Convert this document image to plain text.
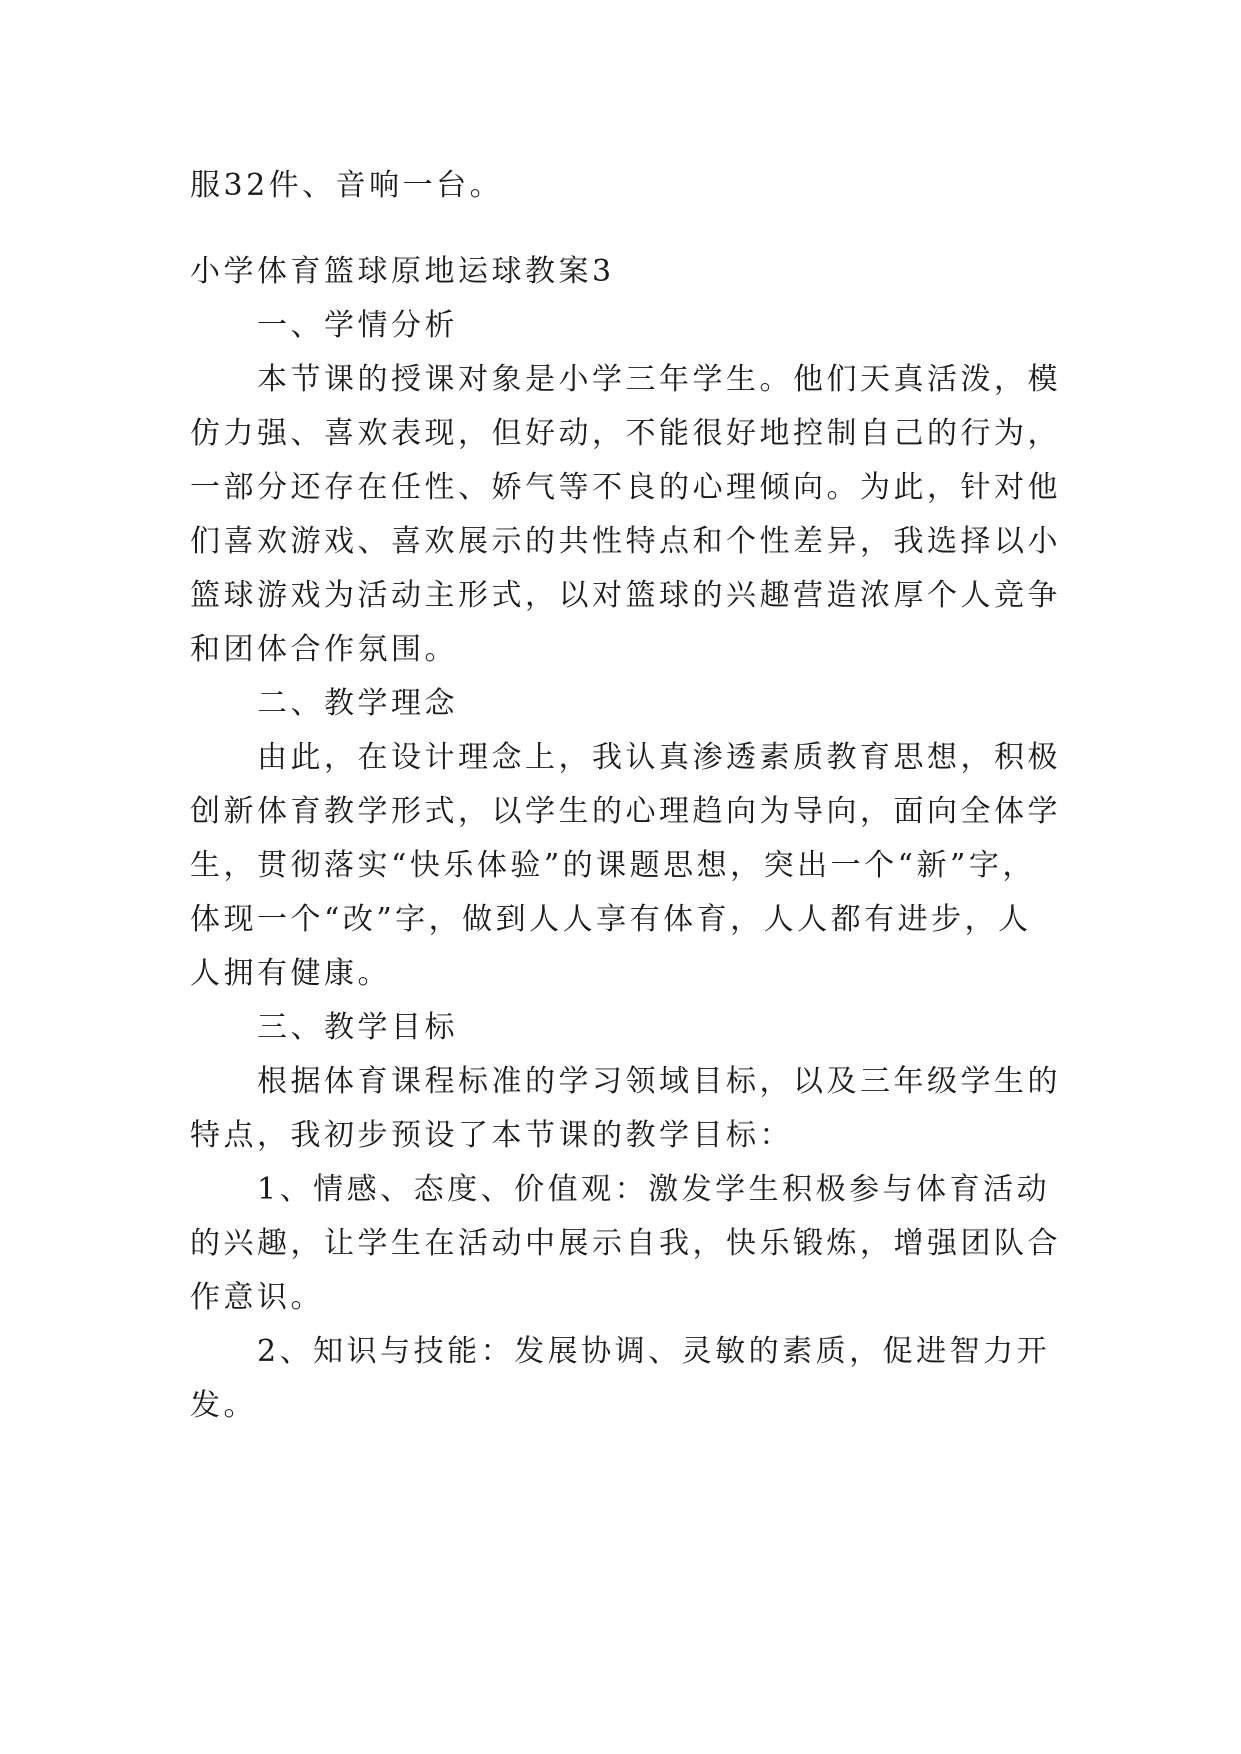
服32件、音响一台。
小学体育篮球原地运球教案3
一、学情分析
本节课的授课对象是小学三年学生。他们天真活泼，模
仿力强、喜欢表现，但好动，不能很好地控制自己的行为，
一部分还存在任性、娇气等不良的心理倾向。为此，针对他
们喜欢游戏、喜欢展示的共性特点和个性差异，我选择以小
篮球游戏为活动主形式，以对篮球的兴趣营造浓厚个人竞争
和团体合作氛围。
二、教学理念
由此，在设计理念上，我认真渗透素质教育思想，积极
创新体育教学形式，以学生的心理趋向为导向，面向全体学
生，贯彻落实“快乐体验”的课题思想，突出一个“新”字，
体现一个“改”字，做到人人享有体育，人人都有进步，人
人拥有健康。
三、教学目标
根据体育课程标准的学习领域目标，以及三年级学生的
特点，我初步预设了本节课的教学目标：
1、情感、态度、价值观：激发学生积极参与体育活动
的兴趣，让学生在活动中展示自我，快乐锻炼，增强团队合
作意识。
2、知识与技能：发展协调、灵敏的素质，促进智力开
发。
